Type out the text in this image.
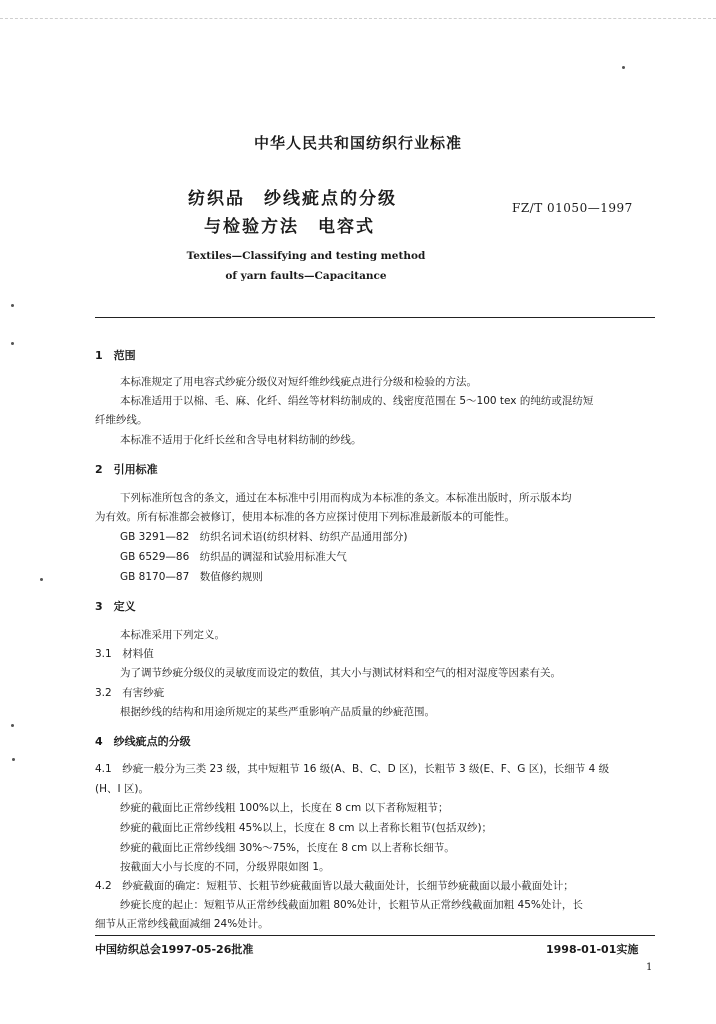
中华人民共和国纺织行业标准
纺织品　纱线疵点的分级
与检验方法　电容式
FZ/T 01050—1997
Textiles—Classifying and testing method
of yarn faults—Capacitance
1　范围
本标准规定了用电容式纱疵分级仪对短纤维纱线疵点进行分级和检验的方法。
本标准适用于以棉、毛、麻、化纤、绢丝等材料纺制成的、线密度范围在 5～100 tex 的纯纺或混纺短
纤维纱线。
本标准不适用于化纤长丝和含导电材料纺制的纱线。
2　引用标准
下列标准所包含的条文，通过在本标准中引用而构成为本标准的条文。本标准出版时，所示版本均
为有效。所有标准都会被修订，使用本标准的各方应探讨使用下列标准最新版本的可能性。
GB 3291—82　纺织名词术语(纺织材料、纺织产品通用部分)
GB 6529—86　纺织品的调湿和试验用标准大气
GB 8170—87　数值修约规则
3　定义
本标准采用下列定义。
3.1　材料值
为了调节纱疵分级仪的灵敏度而设定的数值，其大小与测试材料和空气的相对湿度等因素有关。
3.2　有害纱疵
根据纱线的结构和用途所规定的某些严重影响产品质量的纱疵范围。
4　纱线疵点的分级
4.1　纱疵一般分为三类 23 级，其中短粗节 16 级(A、B、C、D 区)，长粗节 3 级(E、F、G 区)，长细节 4 级
(H、I 区)。
纱疵的截面比正常纱线粗 100%以上，长度在 8 cm 以下者称短粗节；
纱疵的截面比正常纱线粗 45%以上，长度在 8 cm 以上者称长粗节(包括双纱)；
纱疵的截面比正常纱线细 30%～75%，长度在 8 cm 以上者称长细节。
按截面大小与长度的不同，分级界限如图 1。
4.2　纱疵截面的确定：短粗节、长粗节纱疵截面皆以最大截面处计，长细节纱疵截面以最小截面处计；
纱疵长度的起止：短粗节从正常纱线截面加粗 80%处计，长粗节从正常纱线截面加粗 45%处计，长
细节从正常纱线截面减细 24%处计。
中国纺织总会1997-05-26批准	1998-01-01实施
1
